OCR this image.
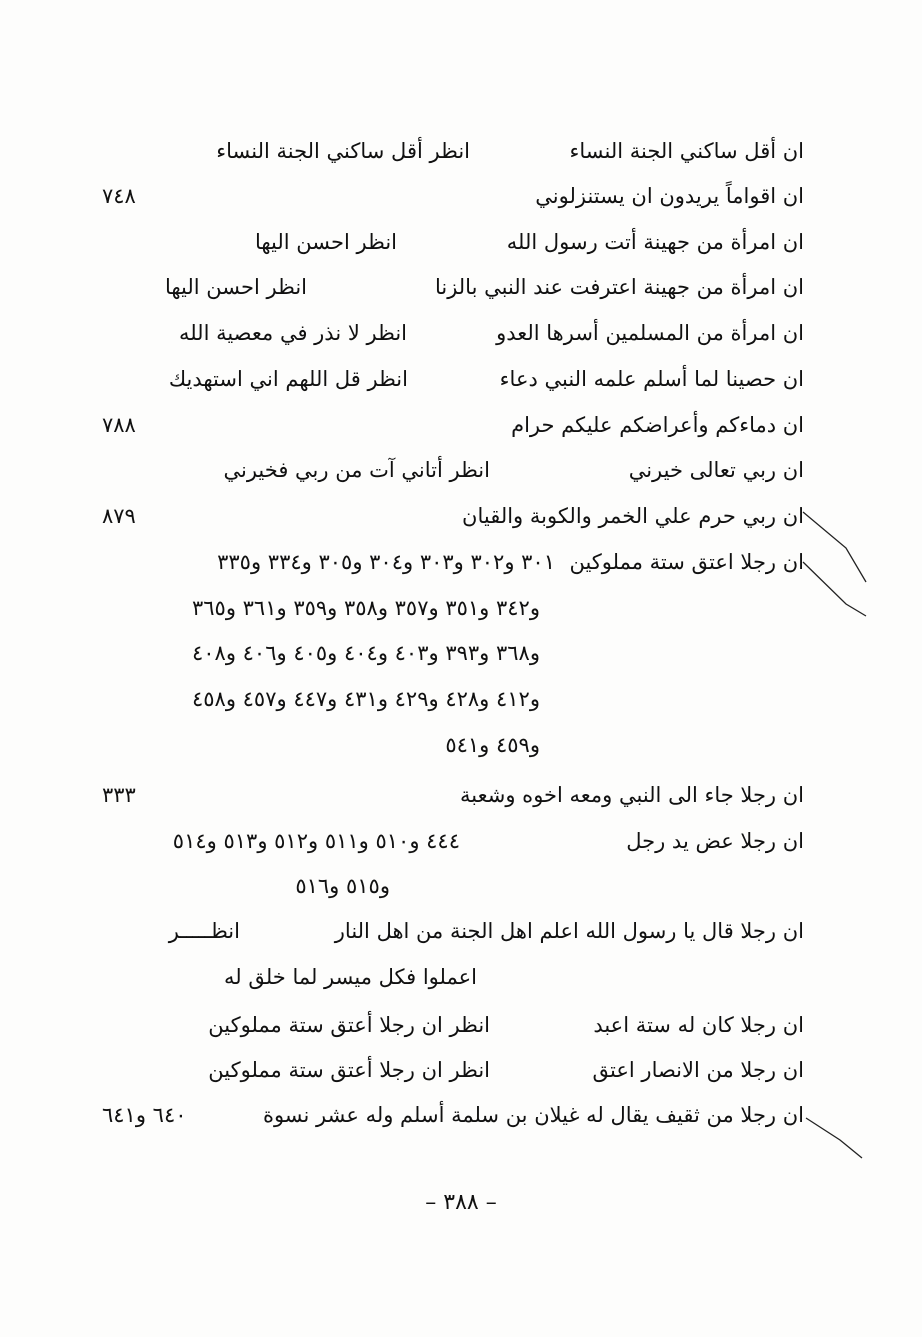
ان أقل ساكني الجنة النساء
انظر أقل ساكني الجنة النساء
ان اقواماً يريدون ان يستنزلوني
٧٤٨
ان امرأة من جهينة أتت رسول الله
انظر احسن اليها
ان امرأة من جهينة اعترفت عند النبي بالزنا
انظر احسن اليها
ان امرأة من المسلمين أسرها العدو
انظر لا نذر في معصية الله
ان حصينا لما أسلم علمه النبي دعاء
انظر قل اللهم اني استهديك
ان دماءكم وأعراضكم عليكم حرام
٧٨٨
ان ربي تعالى خيرني
انظر أتاني آت من ربي فخيرني
ان ربي حرم علي الخمر والكوبة والقيان
٨٧٩
ان رجلا اعتق ستة مملوكين
٣٠١ و٣٠٢ و٣٠٣ و٣٠٤ و٣٠٥ و٣٣٤ و٣٣٥
و٣٤٢ و٣٥١ و٣٥٧ و٣٥٨ و٣٥٩ و٣٦١ و٣٦٥
و٣٦٨ و٣٩٣ و٤٠٣ و٤٠٤ و٤٠٥ و٤٠٦ و٤٠٨
و٤١٢ و٤٢٨ و٤٢٩ و٤٣١ و٤٤٧ و٤٥٧ و٤٥٨
و٤٥٩ و٥٤١
ان رجلا جاء الى النبي ومعه اخوه وشعبة
٣٣٣
ان رجلا عض يد رجل
٤٤٤ و٥١٠ و٥١١ و٥١٢ و٥١٣ و٥١٤
و٥١٥ و٥١٦
ان رجلا قال يا رسول الله اعلم اهل الجنة من اهل النار
انظـــــر
اعملوا فكل ميسر لما خلق له
ان رجلا كان له ستة اعبد
انظر ان رجلا أعتق ستة مملوكين
ان رجلا من الانصار اعتق
انظر ان رجلا أعتق ستة مملوكين
ان رجلا من ثقيف يقال له غيلان بن سلمة أسلم وله عشر نسوة
٦٤٠ و٦٤١
– ٣٨٨ –
